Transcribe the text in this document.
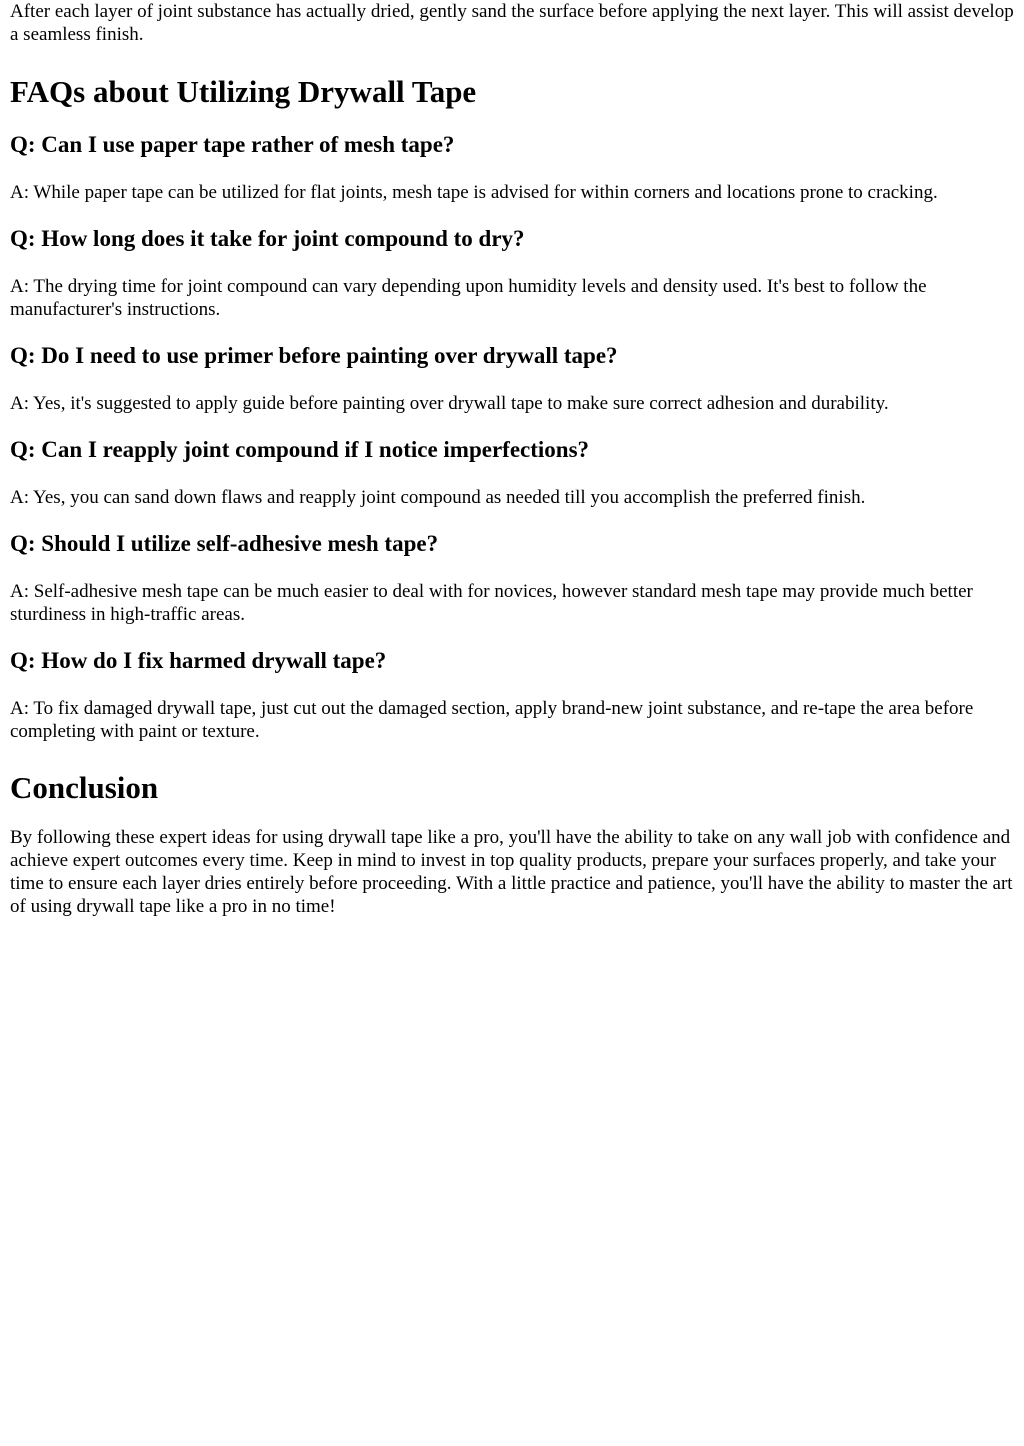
After each layer of joint substance has actually dried, gently sand the surface before applying the next layer. This will assist develop a seamless finish.

FAQs about Utilizing Drywall Tape
Q: Can I use paper tape rather of mesh tape?

A: While paper tape can be utilized for flat joints, mesh tape is advised for within corners and locations prone to cracking.

Q: How long does it take for joint compound to dry?

A: The drying time for joint compound can vary depending upon humidity levels and density used. It's best to follow the manufacturer's instructions.

Q: Do I need to use primer before painting over drywall tape?

A: Yes, it's suggested to apply guide before painting over drywall tape to make sure correct adhesion and durability.

Q: Can I reapply joint compound if I notice imperfections?

A: Yes, you can sand down flaws and reapply joint compound as needed till you accomplish the preferred finish.

Q: Should I utilize self-adhesive mesh tape?

A: Self-adhesive mesh tape can be much easier to deal with for novices, however standard mesh tape may provide much better sturdiness in high-traffic areas.

Q: How do I fix harmed drywall tape?

A: To fix damaged drywall tape, just cut out the damaged section, apply brand-new joint substance, and re-tape the area before completing with paint or texture.

Conclusion

By following these expert ideas for using drywall tape like a pro, you'll have the ability to take on any wall job with confidence and achieve expert outcomes every time. Keep in mind to invest in top quality products, prepare your surfaces properly, and take your time to ensure each layer dries entirely before proceeding. With a little practice and patience, you'll have the ability to master the art of using drywall tape like a pro in no time!
